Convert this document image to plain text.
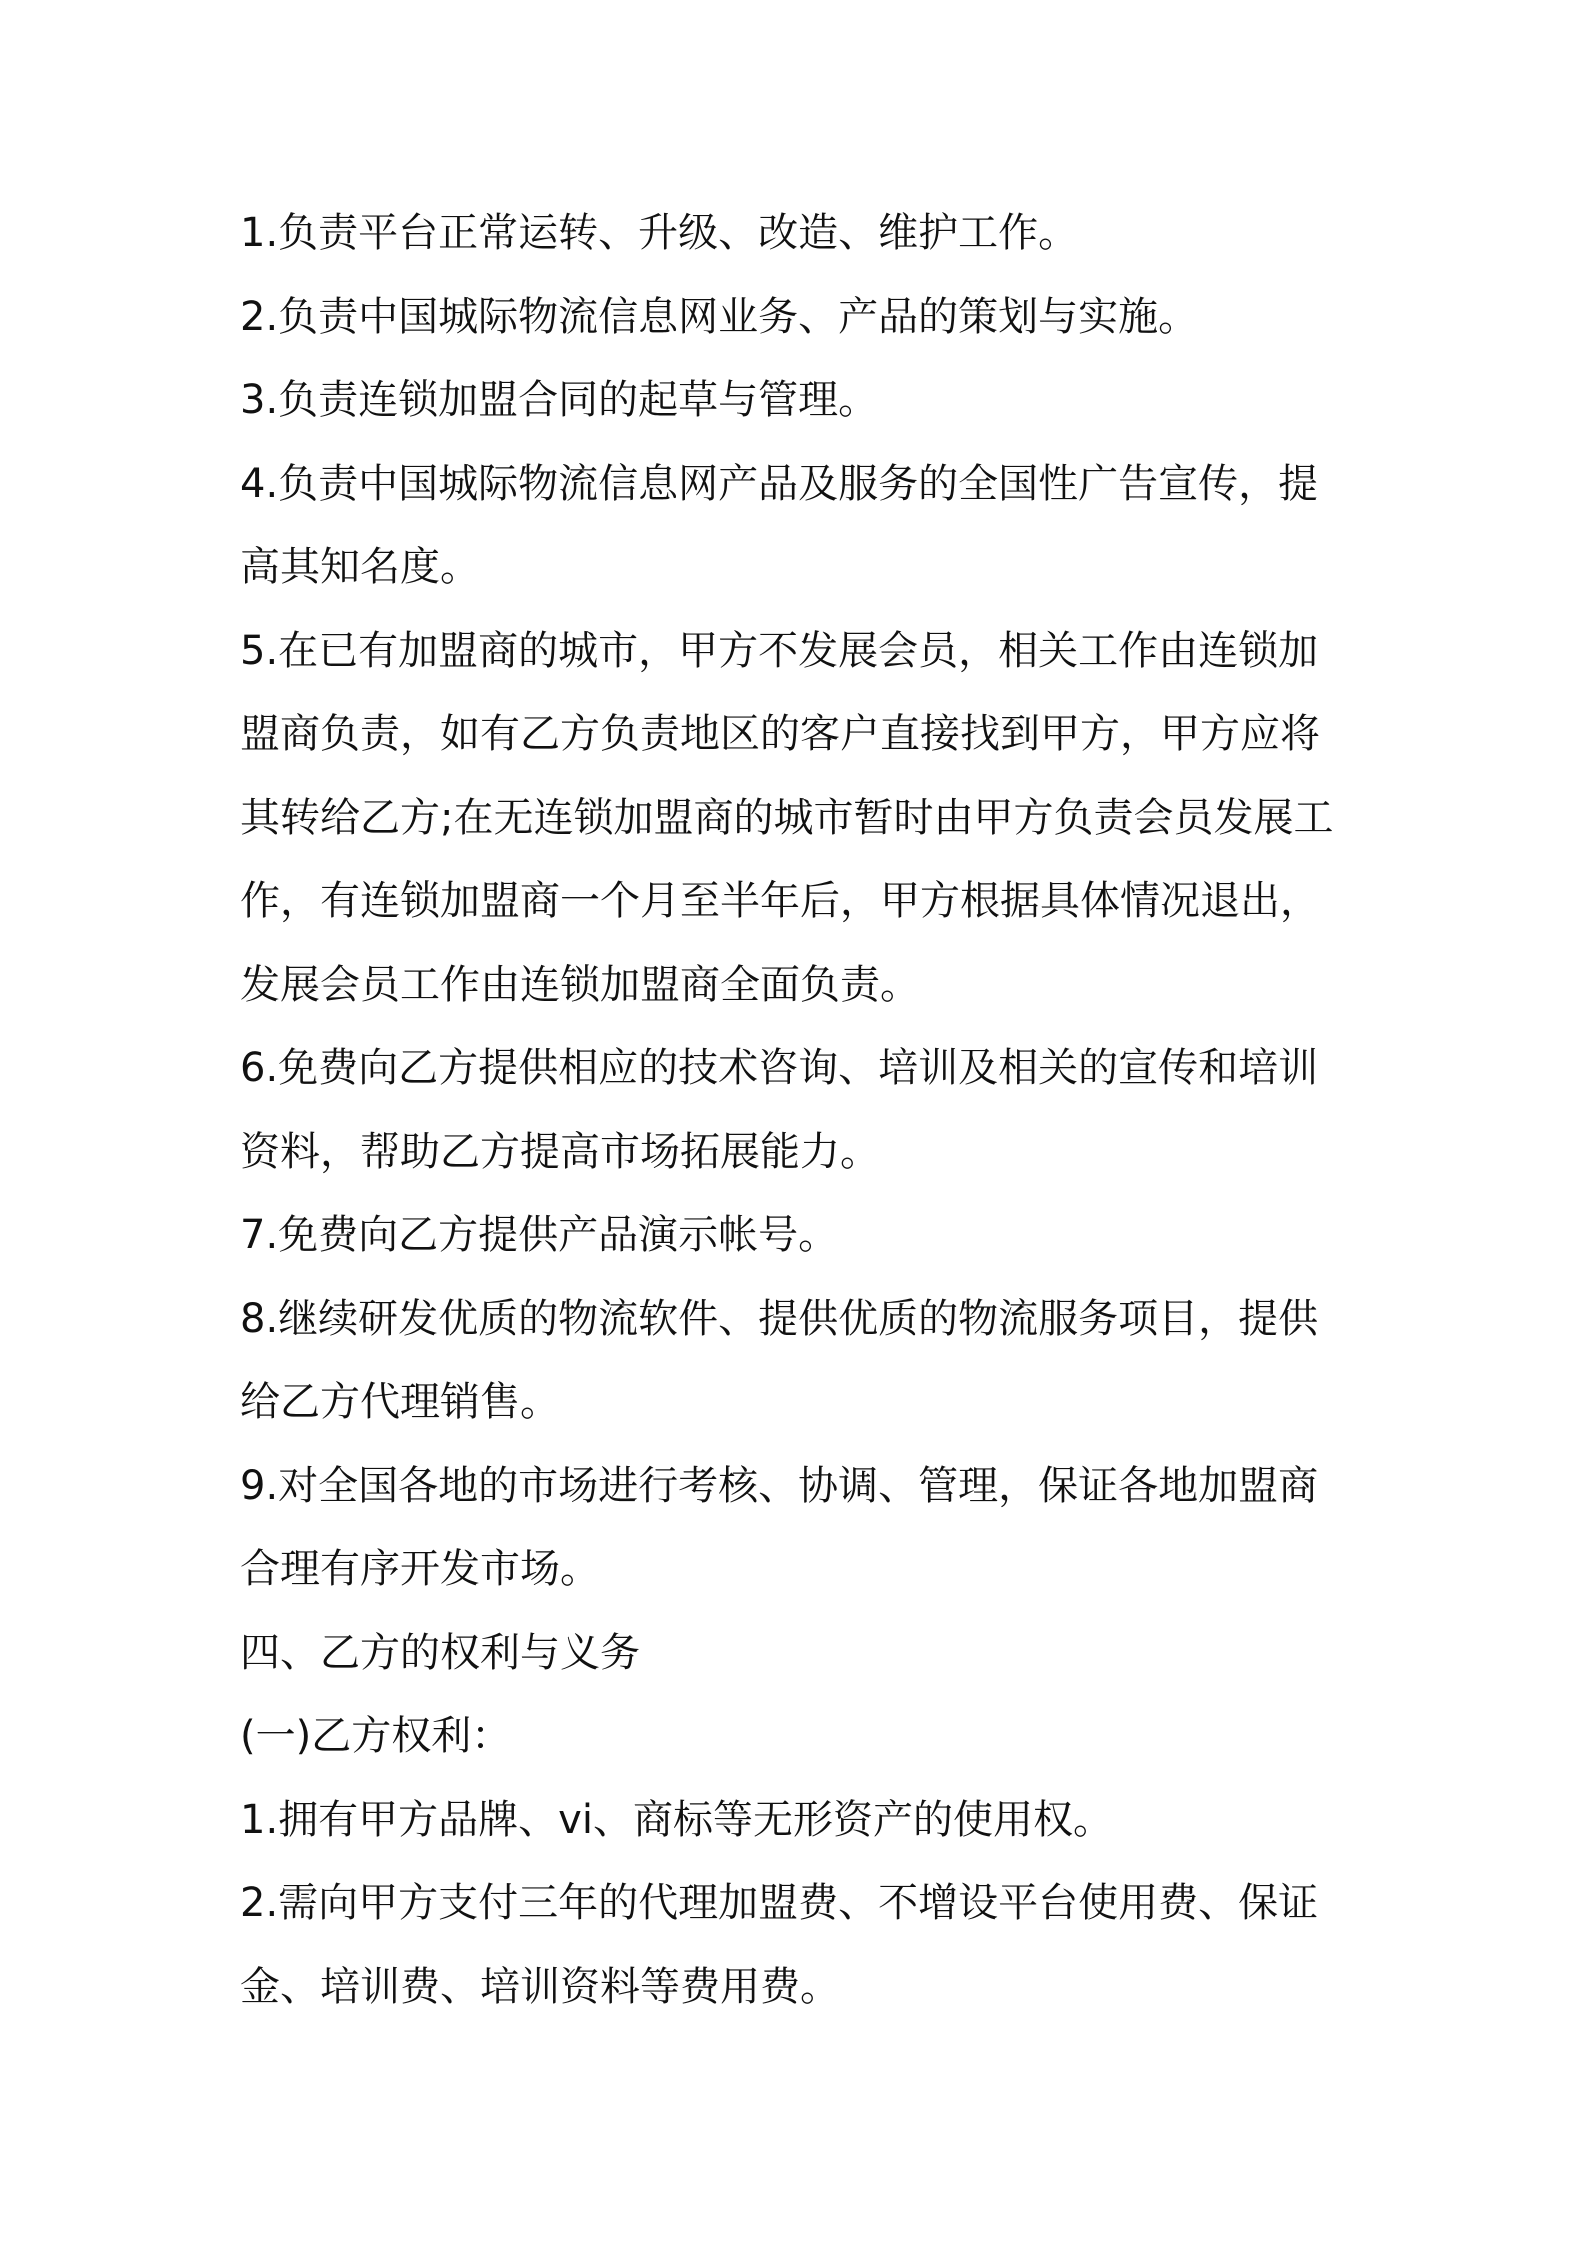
1.负责平台正常运转、升级、改造、维护工作。

2.负责中国城际物流信息网业务、产品的策划与实施。

3.负责连锁加盟合同的起草与管理。

4.负责中国城际物流信息网产品及服务的全国性广告宣传，提高其知名度。

5.在已有加盟商的城市，甲方不发展会员，相关工作由连锁加盟商负责，如有乙方负责地区的客户直接找到甲方，甲方应将其转给乙方;在无连锁加盟商的城市暂时由甲方负责会员发展工作，有连锁加盟商一个月至半年后，甲方根据具体情况退出，发展会员工作由连锁加盟商全面负责。

6.免费向乙方提供相应的技术咨询、培训及相关的宣传和培训资料，帮助乙方提高市场拓展能力。

7.免费向乙方提供产品演示帐号。

8.继续研发优质的物流软件、提供优质的物流服务项目，提供给乙方代理销售。

9.对全国各地的市场进行考核、协调、管理，保证各地加盟商合理有序开发市场。

四、乙方的权利与义务

(一)乙方权利：

1.拥有甲方品牌、vi、商标等无形资产的使用权。

2.需向甲方支付三年的代理加盟费、不增设平台使用费、保证金、培训费、培训资料等费用费。
